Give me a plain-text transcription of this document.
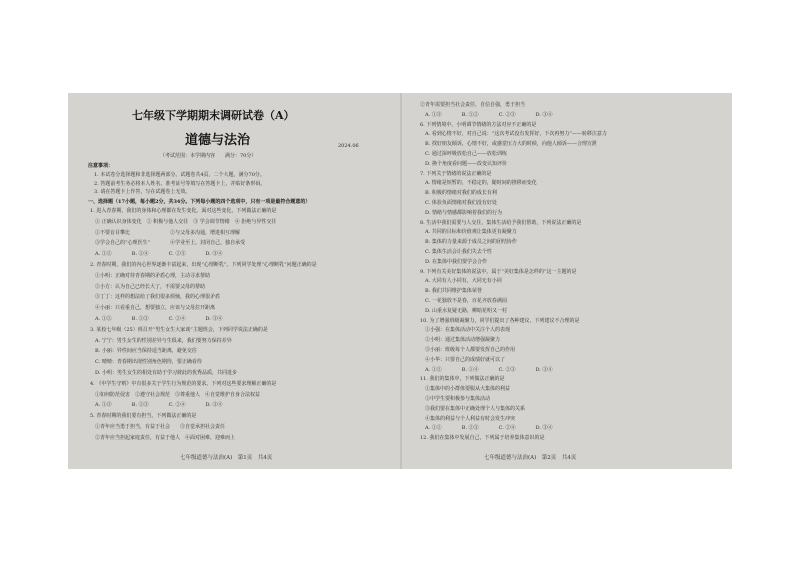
七年级下学期期末调研试卷（A）
道德与法治	2024.06
（考试范围：本学期内容　　满分：70分）
注意事项：
1. 本试卷分选择题和非选择题两部分。试题卷共4页，二个大题，满分70分。
2. 答题前考生务必将本人姓名、准考证号等填写在答题卡上，并贴好条形码。
3. 请在答题卡上作答，写在试题卷上无效。
一、选择题（17小题，每小题2分，共34分。下列每小题的四个选项中，只有一项是最符合题意的）
1. 进入青春期，我们的身体和心理都在发生变化。面对这些变化，下列做法正确的是
　① 正确认识身体变化　② 积极与他人交往　③ 学会调节情绪　④ 拒绝与异性交往
　①不要盲目攀比　　　　　　　　②与父母多沟通，增进相互理解
　③学会自己的“心理医生”　　　　④学业至上，封闭自己，独自承受
　A. ①②　　　　B. ①④　　　　C. ②③　　　　D. ③④
2. 青春时期，我们的内心世界逐渐丰富起来，出现“心理断乳”。下列同学处理“心理断乳”问题正确的是
　①小明：正确对待青春期的矛盾心理，主动寻求帮助
　②小方：认为自己已经长大了，不需要父母的帮助
　③丁丁：这样的想法给了我们很多烦恼，我的心理很矛盾
　④小丽：只看重自己，想要独立，应该与父母拉开距离
　A. ①②　　　　B. ①③　　　　C. ②④　　　　D. ③④
3. 某校七年级（25）班召开“男生女生大家谈”主题班会，下列同学说法正确的是
　A. 宁宁：男生女生的性别差异与生俱来，我们要努力保持差异
　B. 小丽：异性间应当保持适当距离，避免交往
　C. 晴晴：青春期出现性别角色期待，要正确看待
　D. 小明：男生女生的相处有助于学习彼此的优秀品质，共同进步
4. 《中学生守则》中有很多关于学生行为规范的要求。下列对这些要求理解正确的是
　①如何防范侵害　②遵守社会规范　③尊重他人　④自觉维护自身合法权益
　A. ①③　　　　B. ②③　　　　C. ②④　　　　D. ③④
5. 青春时期的我们要有担当，下列做法正确的是
　①青年应当勇于担当，有益于社会　　③自觉承担社会责任
　②青年应当担起家庭责任，有益于他人　④面对困难，迎难而上
七年级道德与法治(A)　第1页　共4页
②青年需要担当社会责任，自信自强，勇于担当
　A. ①③　　　　B. ①②　　　　C. ②③　　　　D. ③④
6. 下列情境中，小明调节情绪的方法对应不正确的是
　A. 看到心情不好，对自己说：“这次考试没有发挥好，下次再努力”——转移注意力
　B. 找好朋友倾诉，心情不好，或感觉压力大的时候，向他人倾诉——合理宣泄
　C. 通过深呼吸放松自己——放松训练
　D. 换个角度看问题——改变认知评价
7. 下列关于情绪的说法正确的是
　A. 情绪是短暂的，不稳定的，随时间的推移而变化
　B. 积极的情绪对我们的成长有利
　C. 体验负面情绪对我们没有好处
　D. 情绪与情感都影响着我们的行为
8. 生活中我们需要与人交往，集体生活给予我们帮助，下列说法正确的是
　A. 共同的目标和价值观让集体更有凝聚力
　B. 集体的力量来源于成员之间的团结协作
　C. 集体生活会让我们失去个性
　D. 在集体中我们要学会合作
9. 下列有关美好集体的说法中，属于“美好集体是怎样的”这一主题的是
　A. 大同有人小同有，大同无有小同
　B. 我们共同维护集体荣誉
　C. 一花独放不是春，百花齐放春满园
　D. 山重水复疑无路，柳暗花明又一村
10. 为了增强班级凝聚力，同学们提出了各种建议，下列建议不合理的是
　①小强：在集体活动中关注个人的表现
　②小明：通过集体活动增强凝聚力
　③小丽：班级每个人都要发挥自己的作用
　④小华：只要自己的成绩好就可以了
　A. ①②　　　　B. ①④　　　　C. ②③　　　　D. ③④
11. 我们的集体中，下列做法正确的是
　①集体中的小群体要服从大集体的利益
　②中学生要积极参与集体活动
　③我们要在集体中正确处理个人与集体的关系
　④集体的利益与个人利益有时会发生冲突
　A. ①②　　　　B. ②③　　　　C. ②④　　　　D. ③④
12. 我们在集体中发展自己，下列属于培养集体意识的是
七年级道德与法治(A)　第2页　共4页
